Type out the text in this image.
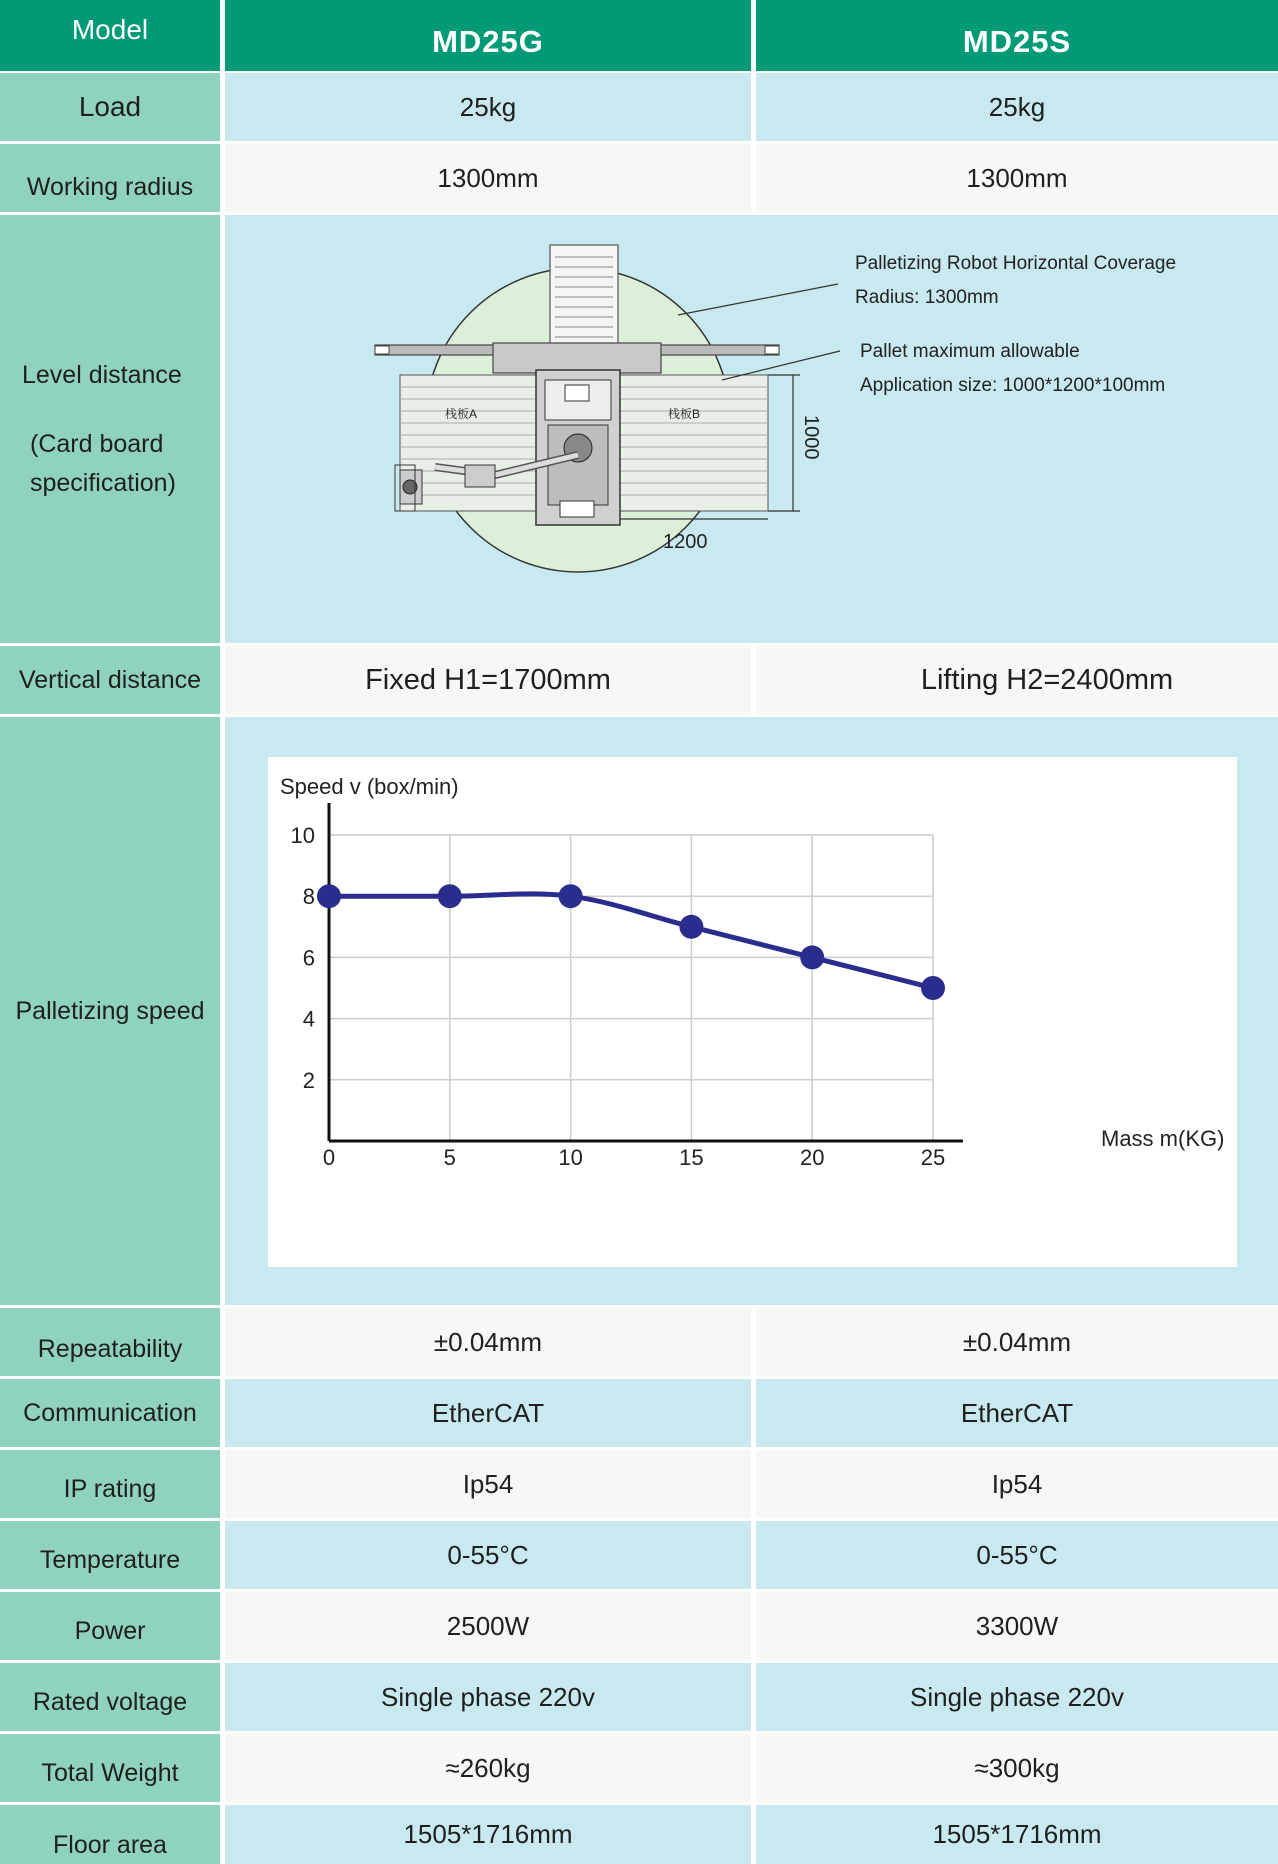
Model	MD25G	MD25S
Load	25kg	25kg
Working radius	1300mm	1300mm
Level distance
(Card board
specification)
栈板A	栈板B
1000
1200
Palletizing Robot Horizontal Coverage
Radius: 1300mm
Pallet maximum allowable
Application size: 1000*1200*100mm
Vertical distance	Fixed H1=1700mm	Lifting H2=2400mm
Palletizing speed
0	5	10	15	20	25
2
4
6
8
10
Speed v (box/min)
Mass m(KG)
Repeatability	±0.04mm	±0.04mm
Communication	EtherCAT	EtherCAT
IP rating	Ip54	Ip54
Temperature	0-55°C	0-55°C
Power	2500W	3300W
Rated voltage	Single phase 220v	Single phase 220v
Total Weight	≈260kg	≈300kg
Floor area	1505*1716mm	1505*1716mm
